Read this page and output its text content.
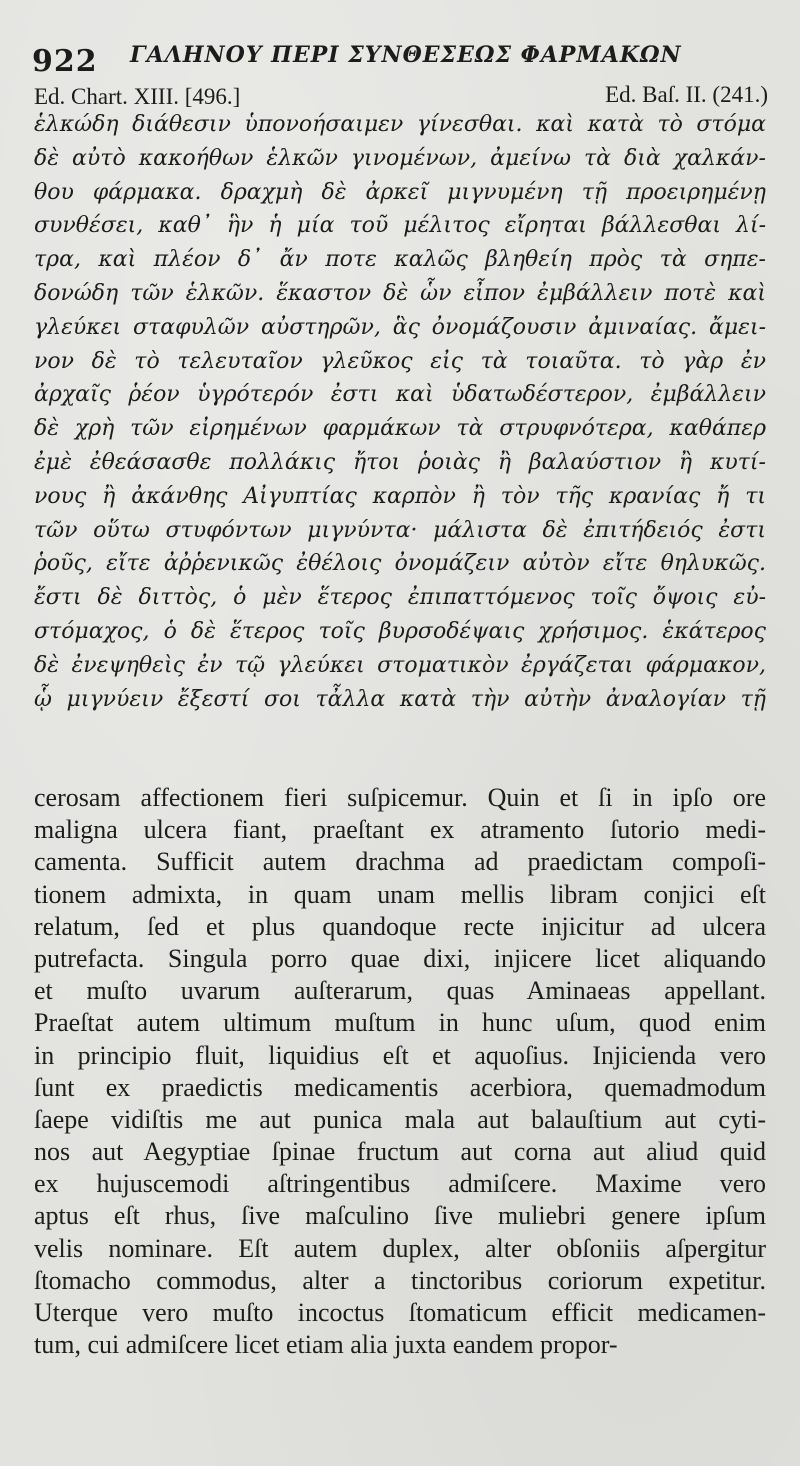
922 ΓΑΛΗΝΟΥ ΠΕΡΙ ΣΥΝΘΕΣΕΩΣ ΦΑΡΜΑΚΩΝ
Ed. Chart. XIII. [496.]	Ed. Baſ. II. (241.)
ἑλκώδη διάθεσιν ὑπονοήσαιμεν γίνεσθαι. καὶ κατὰ τὸ στόμα
δὲ αὐτὸ κακοήθων ἑλκῶν γινομένων, ἀμείνω τὰ διὰ χαλκάν-
θου φάρμακα. δραχμὴ δὲ ἀρκεῖ μιγνυμένη τῇ προειρημένῃ
συνθέσει, καθ᾽ ἣν ἡ μία τοῦ μέλιτος εἴρηται βάλλεσθαι λί-
τρα, καὶ πλέον δ᾽ ἄν ποτε καλῶς βληθείη πρὸς τὰ σηπε-
δονώδη τῶν ἑλκῶν. ἕκαστον δὲ ὧν εἶπον ἐμβάλλειν ποτὲ καὶ
γλεύκει σταφυλῶν αὐστηρῶν, ἃς ὀνομάζουσιν ἀμιναίας. ἄμει-
νον δὲ τὸ τελευταῖον γλεῦκος εἰς τὰ τοιαῦτα. τὸ γὰρ ἐν
ἀρχαῖς ῥέον ὑγρότερόν ἐστι καὶ ὑδατωδέστερον, ἐμβάλλειν
δὲ χρὴ τῶν εἰρημένων φαρμάκων τὰ στρυφνότερα, καθάπερ
ἐμὲ ἐθεάσασθε πολλάκις ἤτοι ῥοιὰς ἢ βαλαύστιον ἢ κυτί-
νους ἢ ἀκάνθης Αἰγυπτίας καρπὸν ἢ τὸν τῆς κρανίας ἤ τι
τῶν οὕτω στυφόντων μιγνύντα· μάλιστα δὲ ἐπιτήδειός ἐστι
ῥοῦς, εἴτε ἀῤῥενικῶς ἐθέλοις ὀνομάζειν αὐτὸν εἴτε θηλυκῶς.
ἔστι δὲ διττὸς, ὁ μὲν ἕτερος ἐπιπαττόμενος τοῖς ὄψοις εὐ-
στόμαχος, ὁ δὲ ἕτερος τοῖς βυρσοδέψαις χρήσιμος. ἑκάτερος
δὲ ἐνεψηθεὶς ἐν τῷ γλεύκει στοματικὸν ἐργάζεται φάρμακον,
ᾧ μιγνύειν ἔξεστί σοι τἆλλα κατὰ τὴν αὐτὴν ἀναλογίαν τῇ
cerosam affectionem fieri suſpicemur. Quin et ſi in ipſo ore
maligna ulcera fiant, praeſtant ex atramento ſutorio medi-
camenta. Sufficit autem drachma ad praedictam compoſi-
tionem admixta, in quam unam mellis libram conjici eſt
relatum, ſed et plus quandoque recte injicitur ad ulcera
putrefacta. Singula porro quae dixi, injicere licet aliquando
et muſto uvarum auſterarum, quas Aminaeas appellant.
Praeſtat autem ultimum muſtum in hunc uſum, quod enim
in principio fluit, liquidius eſt et aquoſius. Injicienda vero
ſunt ex praedictis medicamentis acerbiora, quemadmodum
ſaepe vidiſtis me aut punica mala aut balauſtium aut cyti-
nos aut Aegyptiae ſpinae fructum aut corna aut aliud quid
ex hujuscemodi aſtringentibus admiſcere. Maxime vero
aptus eſt rhus, ſive maſculino ſive muliebri genere ipſum
velis nominare. Eſt autem duplex, alter obſoniis aſpergitur
ſtomacho commodus, alter a tinctoribus coriorum expetitur.
Uterque vero muſto incoctus ſtomaticum efficit medicamen-
tum, cui admiſcere licet etiam alia juxta eandem propor-
